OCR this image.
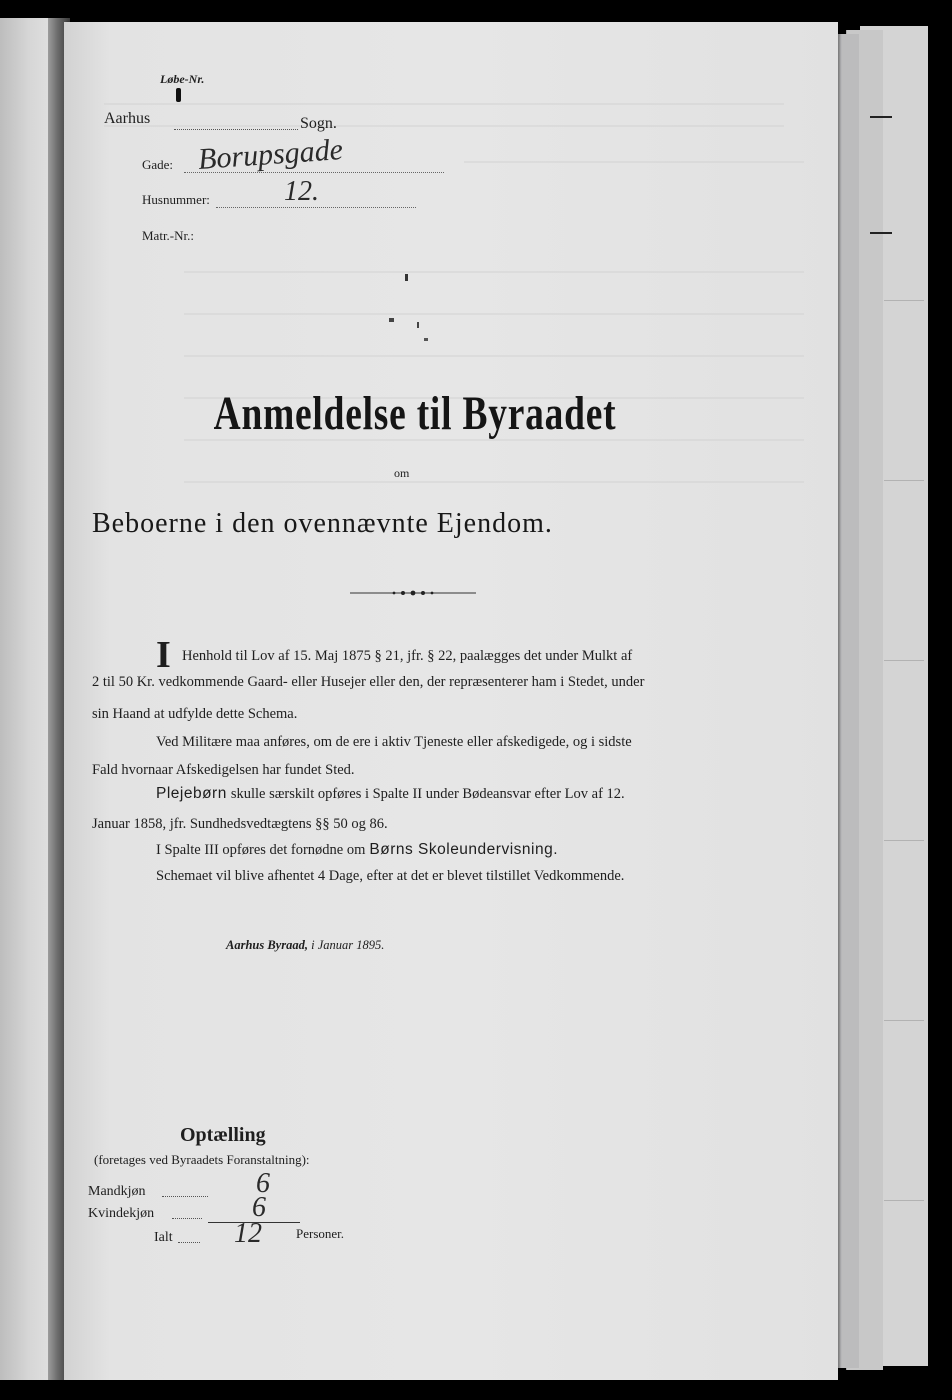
Løbe-Nr.
Aarhus	Sogn.
Gade: Borupsgade
Husnummer:	12.
Matr.-Nr.:
Anmeldelse til Byraadet
om
Beboerne i den ovennævnte Ejendom.
I Henhold til Lov af 15. Maj 1875 § 21, jfr. § 22, paalægges det under Mulkt af
2 til 50 Kr. vedkommende Gaard- eller Husejer eller den, der repræsenterer ham i Stedet, under
sin Haand at udfylde dette Schema.
Ved Militære maa anføres, om de ere i aktiv Tjeneste eller afskedigede, og i sidste
Fald hvornaar Afskedigelsen har fundet Sted.
Plejebørn skulle særskilt opføres i Spalte II under Bødeansvar efter Lov af 12.
Januar 1858, jfr. Sundhedsvedtægtens §§ 50 og 86.
I Spalte III opføres det fornødne om Børns Skoleundervisning.
Schemaet vil blive afhentet 4 Dage, efter at det er blevet tilstillet Vedkommende.
Aarhus Byraad, i Januar 1895.
Optælling
(foretages ved Byraadets Foranstaltning):
Mandkjøn	6
Kvindekjøn	6
Ialt 12	Personer.
